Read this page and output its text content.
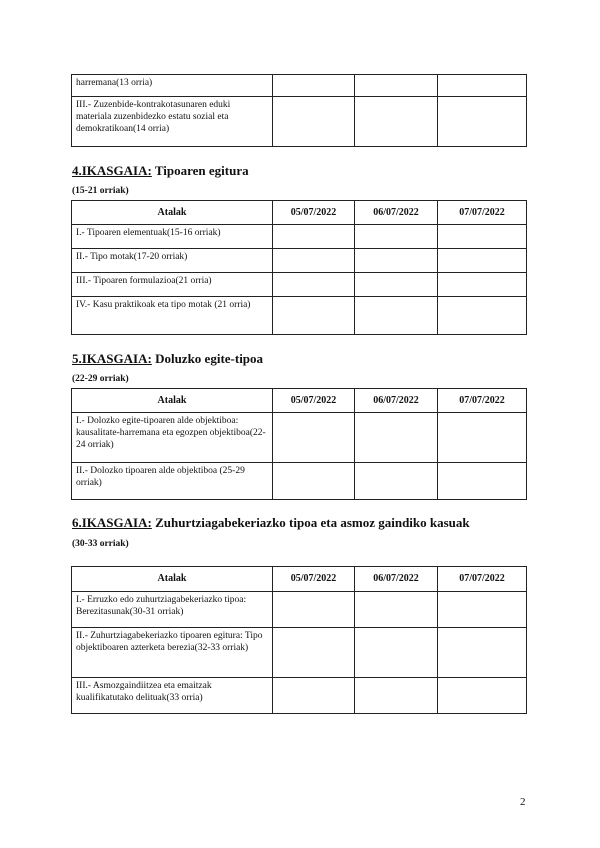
harremana(13 orria)			
III.- Zuzenbide-kontrakotasunaren eduki materiala zuzenbidezko estatu sozial eta demokratikoan(14 orria)			
4.IKASGAIA: Tipoaren egitura
(15-21 orriak)
Atalak	05/07/2022	06/07/2022	07/07/2022
I.- Tipoaren elementuak(15-16 orriak)			
II.- Tipo motak(17-20 orriak)			
III.- Tipoaren formulazioa(21 orria)			
IV.- Kasu praktikoak eta tipo motak (21 orria)			
5.IKASGAIA: Doluzko egite-tipoa
(22-29 orriak)
Atalak	05/07/2022	06/07/2022	07/07/2022
I.- Dolozko egite-tipoaren alde objektiboa: kausalitate-harremana eta egozpen objektiboa(22-24 orriak)			
II.- Dolozko tipoaren alde objektiboa (25-29 orriak)			
6.IKASGAIA: Zuhurtziagabekeriazko tipoa eta asmoz gaindiko kasuak
(30-33 orriak)
Atalak	05/07/2022	06/07/2022	07/07/2022
I.- Erruzko edo zuhurtziagabekeriazko tipoa: Berezitasunak(30-31 orriak)			
II.- Zuhurtziagabekeriazko tipoaren egitura: Tipo objektiboaren azterketa berezia(32-33 orriak)			
III.- Asmozgaindiitzea eta emaitzak kualifikatutako delituak(33 orria)			
2
